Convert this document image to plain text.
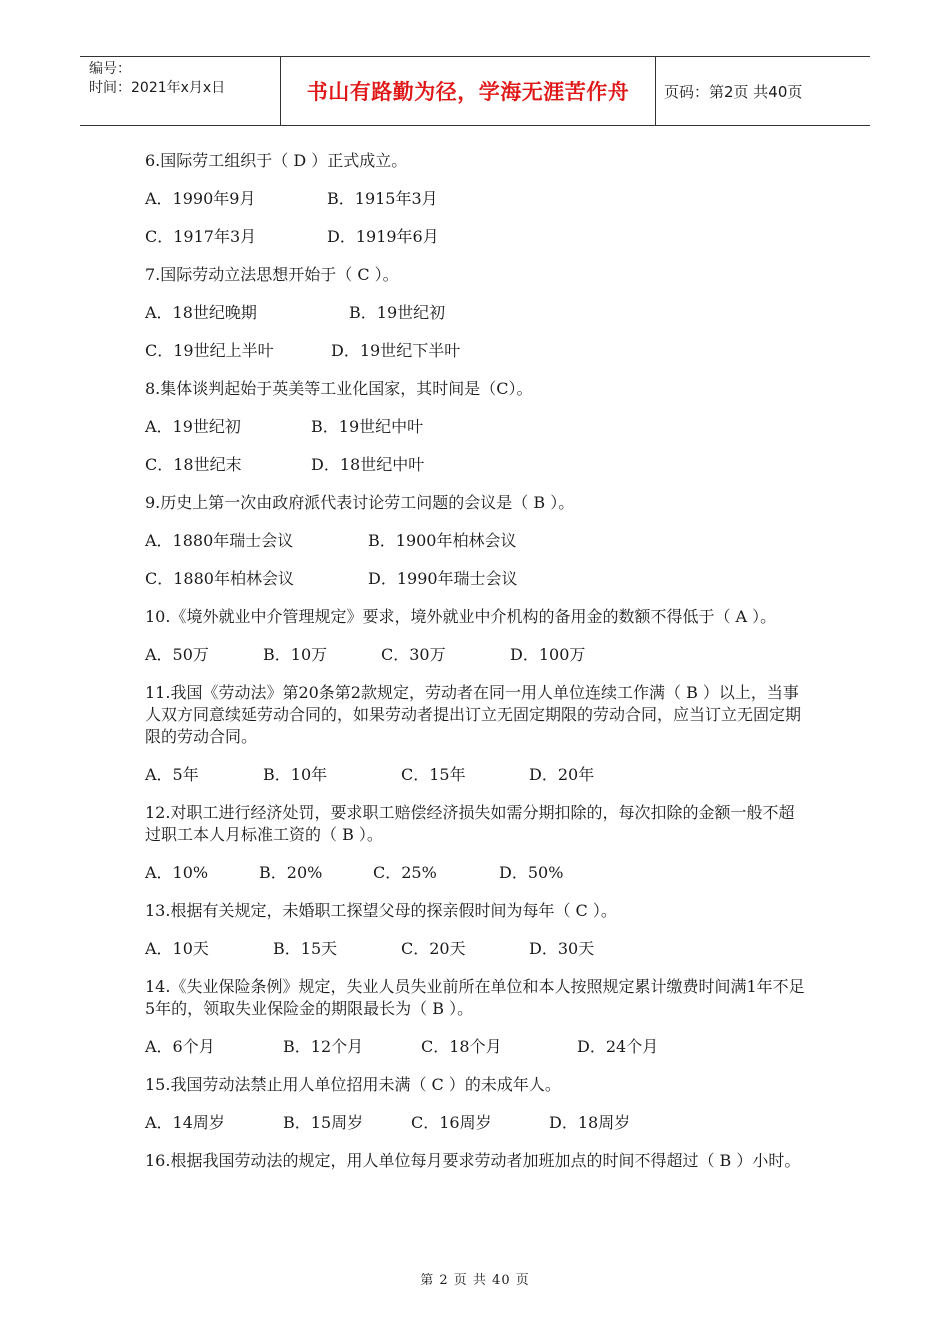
编号：
时间：2021年x月x日	书山有路勤为径，学海无涯苦作舟	页码：第2页 共40页
6.国际劳工组织于（ D ）正式成立。
A．1990年9月	B．1915年3月
C．1917年3月	D．1919年6月
7.国际劳动立法思想开始于（ C ）。
A．18世纪晚期	B．19世纪初
C．19世纪上半叶	D．19世纪下半叶
8.集体谈判起始于英美等工业化国家，其时间是（C）。
A．19世纪初	B．19世纪中叶
C．18世纪末	D．18世纪中叶
9.历史上第一次由政府派代表讨论劳工问题的会议是（ B ）。
A．1880年瑞士会议	B．1900年柏林会议
C．1880年柏林会议	D．1990年瑞士会议
10.《境外就业中介管理规定》要求，境外就业中介机构的备用金的数额不得低于（ A ）。
A．50万	B．10万	C．30万	D．100万
11.我国《劳动法》第20条第2款规定，劳动者在同一用人单位连续工作满（ B ）以上，当事人双方同意续延劳动合同的，如果劳动者提出订立无固定期限的劳动合同，应当订立无固定期限的劳动合同。
A．5年	B．10年	C．15年	D．20年
12.对职工进行经济处罚，要求职工赔偿经济损失如需分期扣除的，每次扣除的金额一般不超过职工本人月标准工资的（ B ）。
A．10%	B．20%	C．25%	D．50%
13.根据有关规定，未婚职工探望父母的探亲假时间为每年（ C ）。
A．10天	B．15天	C．20天	D．30天
14.《失业保险条例》规定，失业人员失业前所在单位和本人按照规定累计缴费时间满1年不足5年的，领取失业保险金的期限最长为（ B ）。
A．6个月	B．12个月	C．18个月	D．24个月
15.我国劳动法禁止用人单位招用未满（ C ）的未成年人。
A．14周岁	B．15周岁	C．16周岁	D．18周岁
16.根据我国劳动法的规定，用人单位每月要求劳动者加班加点的时间不得超过（ B ）小时。
第 2 页 共 40 页
